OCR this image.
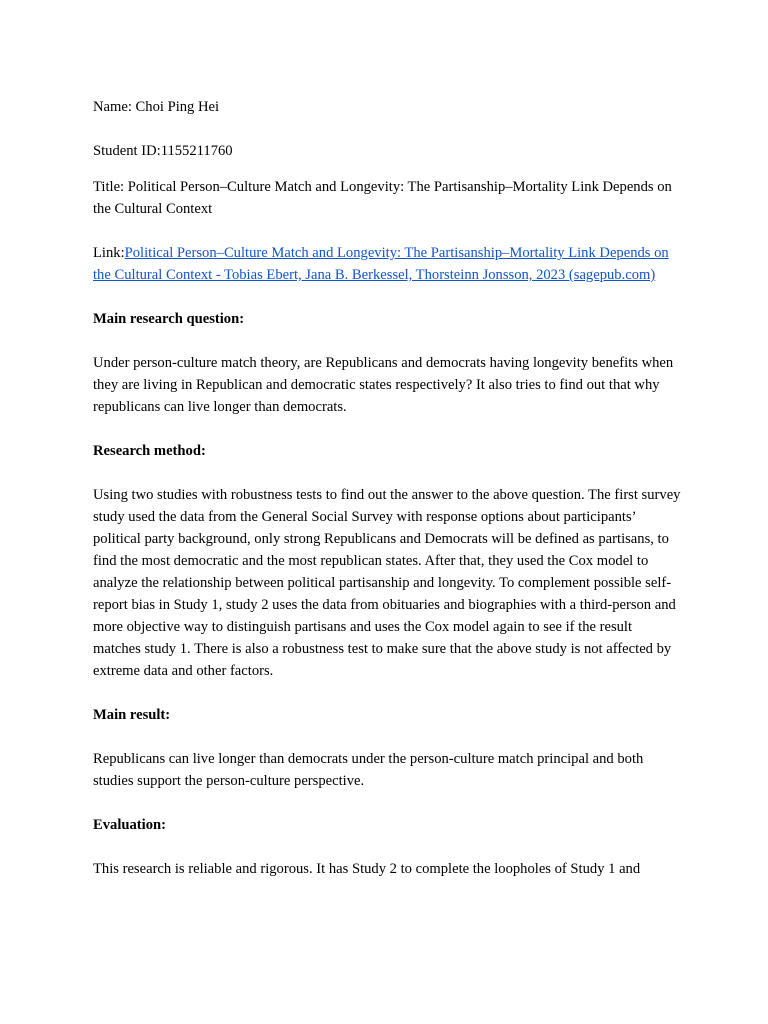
Name: Choi Ping Hei

Student ID:1155211760

Title: Political Person–Culture Match and Longevity: The Partisanship–Mortality Link Depends on the Cultural Context

Link:Political Person–Culture Match and Longevity: The Partisanship–Mortality Link Depends on the Cultural Context - Tobias Ebert, Jana B. Berkessel, Thorsteinn Jonsson, 2023 (sagepub.com)

Main research question:

Under person-culture match theory, are Republicans and democrats having longevity benefits when they are living in Republican and democratic states respectively? It also tries to find out that why republicans can live longer than democrats.

Research method:

Using two studies with robustness tests to find out the answer to the above question. The first survey study used the data from the General Social Survey with response options about participants’ political party background, only strong Republicans and Democrats will be defined as partisans, to find the most democratic and the most republican states. After that, they used the Cox model to analyze the relationship between political partisanship and longevity. To complement possible self-report bias in Study 1, study 2 uses the data from obituaries and biographies with a third-person and more objective way to distinguish partisans and uses the Cox model again to see if the result matches study 1. There is also a robustness test to make sure that the above study is not affected by extreme data and other factors.

Main result:

Republicans can live longer than democrats under the person-culture match principal and both studies support the person-culture perspective.

Evaluation:

This research is reliable and rigorous. It has Study 2 to complete the loopholes of Study 1 and
